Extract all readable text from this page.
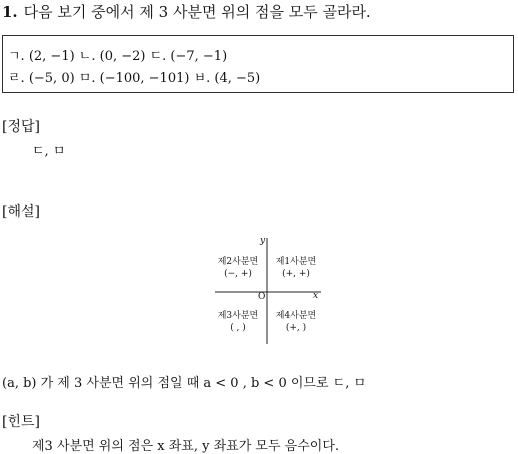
1. 다음 보기 중에서 제 3 사분면 위의 점을 모두 골라라.
ㄱ. (2, −1) ㄴ. (0, −2) ㄷ. (−7, −1)
ㄹ. (−5, 0) ㅁ. (−100, −101) ㅂ. (4, −5)
[정답]
ㄷ, ㅁ
[해설]
y
x
O
제2사분면
(−, +)
제1사분면
(+, +)
제3사분면
( , )
제4사분면
(+, )
(a, b) 가 제 3 사분면 위의 점일 때 a < 0 , b < 0 이므로 ㄷ, ㅁ
[힌트]
제3 사분면 위의 점은 x 좌표, y 좌표가 모두 음수이다.
